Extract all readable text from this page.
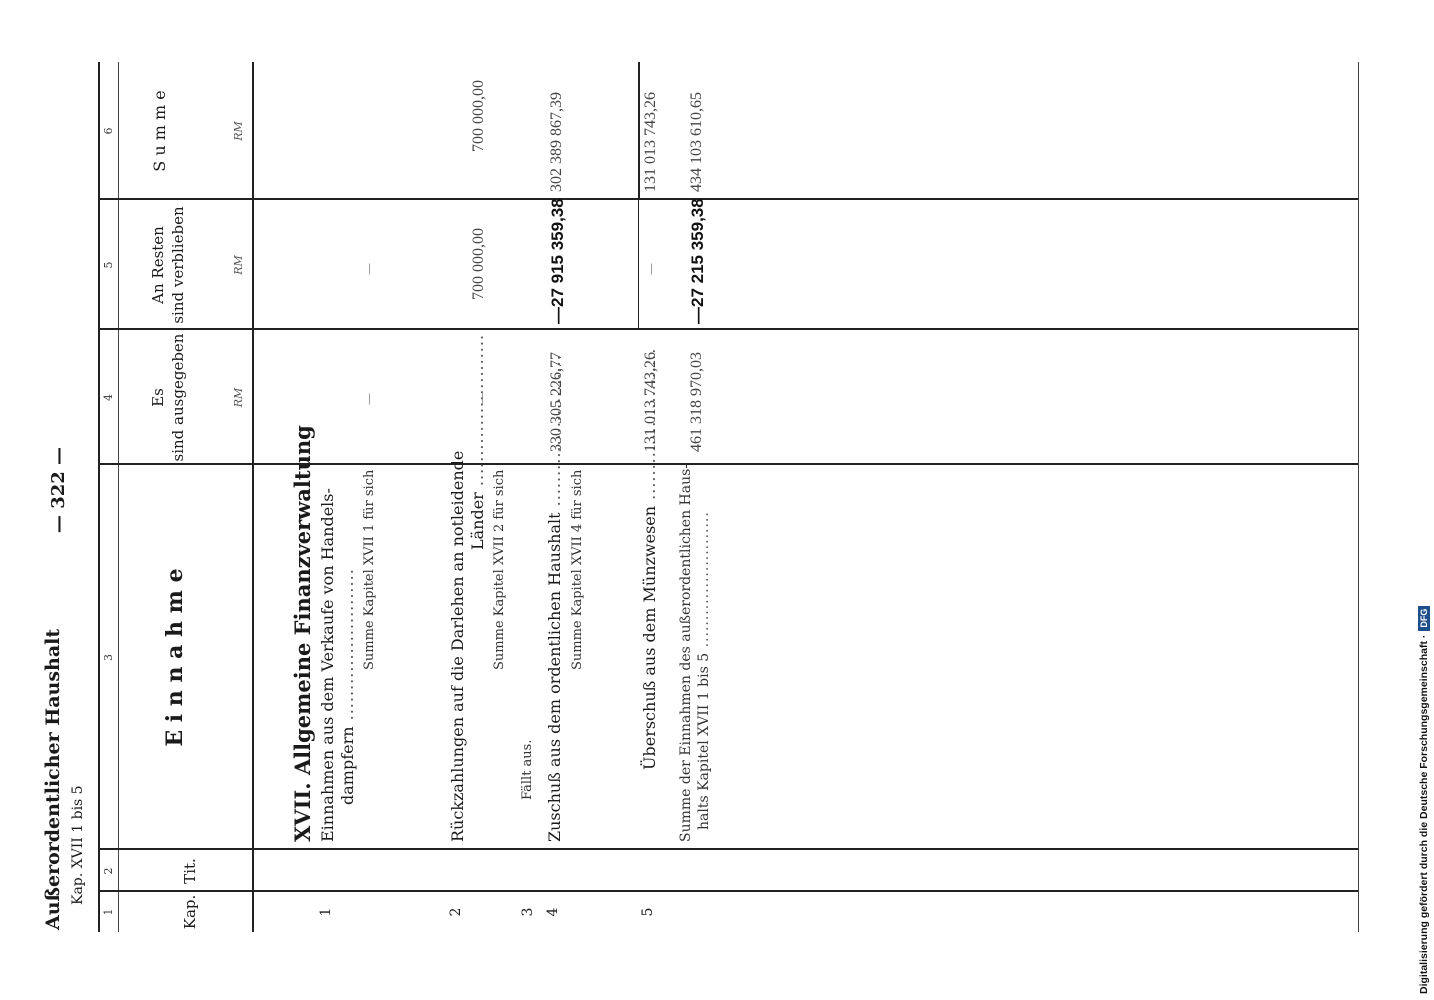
Außerordentlicher Haushalt Kap. XVII 1 bis 5
— 322 —
1
2
3
4
5
6
Kap.
Tit.
E i n n a h m e
Es sind ausgegeben
An Resten sind verblieben
S u m m e
RM
RM
RM
XVII. Allgemeine Finanzverwaltung
1
Einnahmen aus dem Verkaufe von Handels- dampfern .....
Summe Kapitel XVII 1 für sich
—
—
2
Rückzahlungen auf die Darlehen an notleidende Länder ..... Summe Kapitel XVII 2 für sich
—
700 000,00
700 000,00
3
Fällt aus.
4
Zuschuß aus dem ordentlichen Haushalt ..... Summe Kapitel XVII 4 für sich
330 305 226,77
—27 915 359,38
302 389 867,39
5
Überschuß aus dem Münzwesen .....
131 013 743,26
—
131 013 743,26
Summe der Einnahmen des außerordentlichen Haus- halts Kapitel XVII 1 bis 5 .....
461 318 970,03
—27 215 359,38
434 103 610,65
Digitalisierung gefördert durch die Deutsche Forschungsgemeinschaft ·
DFG
